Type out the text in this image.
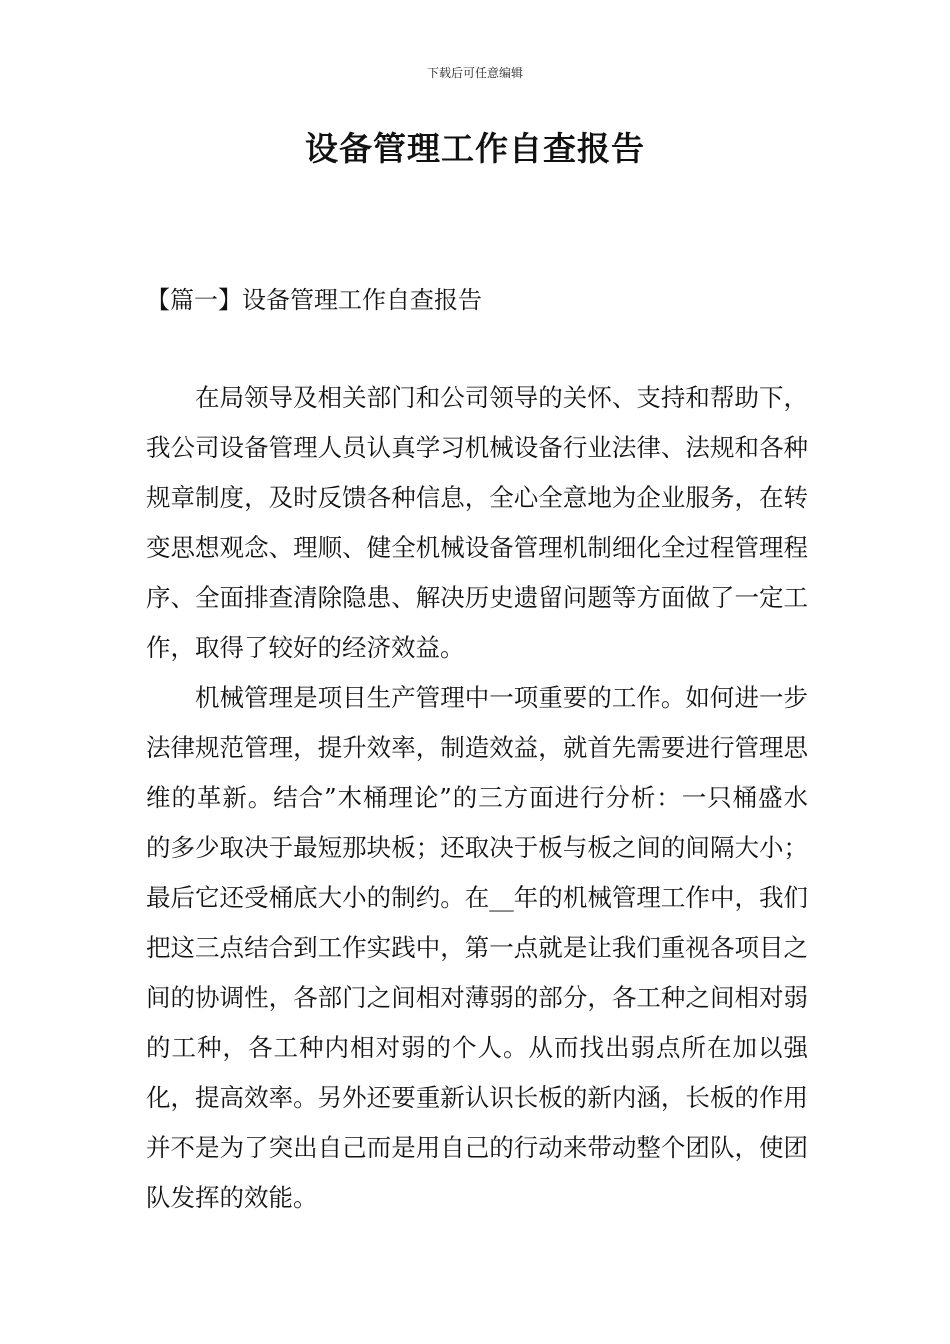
下载后可任意编辑
设备管理工作自查报告
【篇一】设备管理工作自查报告

在局领导及相关部门和公司领导的关怀、支持和帮助下，我公司设备管理人员认真学习机械设备行业法律、法规和各种规章制度，及时反馈各种信息，全心全意地为企业服务，在转变思想观念、理顺、健全机械设备管理机制细化全过程管理程序、全面排查清除隐患、解决历史遗留问题等方面做了一定工作，取得了较好的经济效益。

机械管理是项目生产管理中一项重要的工作。如何进一步法律规范管理，提升效率，制造效益，就首先需要进行管理思维的革新。结合”木桶理论”的三方面进行分析：一只桶盛水的多少取决于最短那块板；还取决于板与板之间的间隔大小；最后它还受桶底大小的制约。在__年的机械管理工作中，我们把这三点结合到工作实践中，第一点就是让我们重视各项目之间的协调性，各部门之间相对薄弱的部分，各工种之间相对弱的工种，各工种内相对弱的个人。从而找出弱点所在加以强化，提高效率。另外还要重新认识长板的新内涵，长板的作用并不是为了突出自己而是用自己的行动来带动整个团队，使团队发挥的效能。
